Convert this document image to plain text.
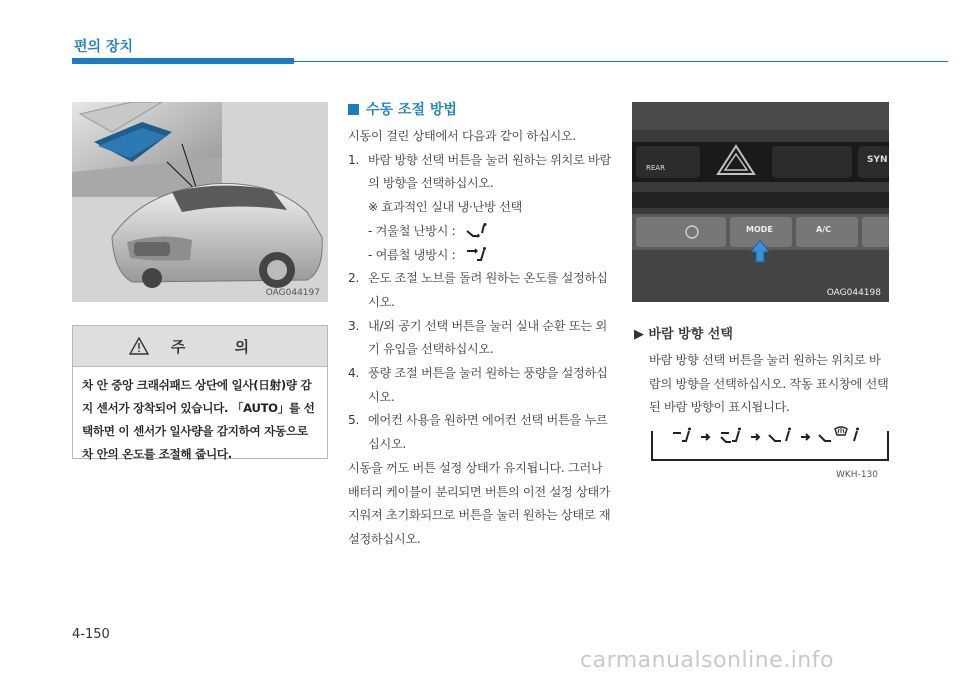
편의 장치
OAG044197
주 의
차 안 중앙 크래쉬패드 상단에 일사(日射)량 감지 센서가 장착되어 있습니다. 「AUTO」를 선택하면 이 센서가 일사량을 감지하여 자동으로 차 안의 온도를 조절해 줍니다.
수동 조절 방법

시동이 걸린 상태에서 다음과 같이 하십시오.

1. 바람 방향 선택 버튼을 눌러 원하는 위치로 바람의 방향을 선택하십시오.

※ 효과적인 실내 냉·난방 선택

- 겨울철 난방시 :

- 여름철 냉방시 :

2. 온도 조절 노브를 돌려 원하는 온도를 설정하십시오.
3. 내/외 공기 선택 버튼을 눌러 실내 순환 또는 외기 유입을 선택하십시오.
4. 풍량 조절 버튼을 눌러 원하는 풍량을 설정하십시오.
5. 에어컨 사용을 원하면 에어컨 선택 버튼을 누르십시오.

시동을 꺼도 버튼 설정 상태가 유지됩니다. 그러나 배터리 케이블이 분리되면 버튼의 이전 설정 상태가 지워져 초기화되므로 버튼을 눌러 원하는 상태로 재설정하십시오.

REAR
SYN
MODE	A/C
OAG044198
▶ 바람 방향 선택
바람 방향 선택 버튼을 눌러 원하는 위치로 바람의 방향을 선택하십시오. 작동 표시창에 선택된 바람 방향이 표시됩니다.
WKH-130
4-150
carmanualsonline.info
